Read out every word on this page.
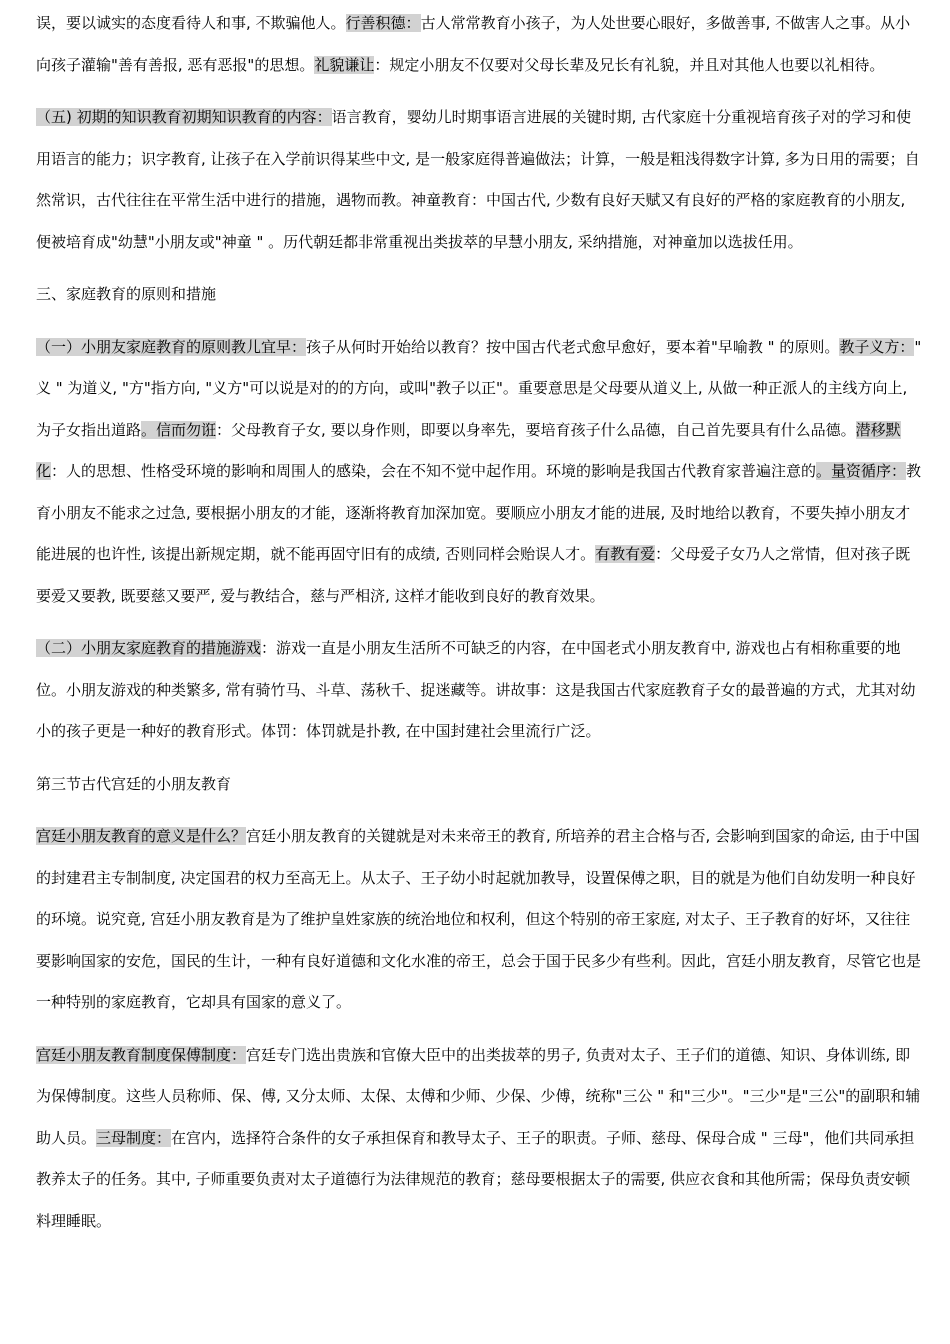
误，要以诚实的态度看待人和事, 不欺骗他人。行善积德：古人常常教育小孩子，为人处世要心眼好，多做善事, 不做害人之事。从小向孩子灌输"善有善报, 恶有恶报"的思想。礼貌谦让：规定小朋友不仅要对父母长辈及兄长有礼貌，并且对其他人也要以礼相待。

（五) 初期的知识教育初期知识教育的内容：语言教育，婴幼儿时期事语言进展的关键时期, 古代家庭十分重视培育孩子对的学习和使用语言的能力；识字教育, 让孩子在入学前识得某些中文, 是一般家庭得普遍做法；计算，一般是粗浅得数字计算, 多为日用的需要；自然常识，古代往往在平常生活中进行的措施，遇物而教。神童教育：中国古代, 少数有良好天赋又有良好的严格的家庭教育的小朋友, 便被培育成"幼慧"小朋友或"神童 " 。历代朝廷都非常重视出类拔萃的早慧小朋友, 采纳措施，对神童加以选拔任用。

三、家庭教育的原则和措施

（一）小朋友家庭教育的原则教儿宜早：孩子从何时开始给以教育？按中国古代老式愈早愈好，要本着"早喻教 " 的原则。教子义方：" 义 " 为道义, "方"指方向, "义方"可以说是对的的方向，或叫"教子以正"。重要意思是父母要从道义上, 从做一种正派人的主线方向上, 为子女指出道路。信而勿诳：父母教育子女, 要以身作则，即要以身率先，要培育孩子什么品德，自己首先要具有什么品德。潜移默化：人的思想、性格受环境的影响和周围人的感染，会在不知不觉中起作用。环境的影响是我国古代教育家普遍注意的。量资循序：教育小朋友不能求之过急, 要根据小朋友的才能，逐渐将教育加深加宽。要顺应小朋友才能的进展, 及时地给以教育，不要失掉小朋友才能进展的也许性, 该提出新规定期，就不能再固守旧有的成绩, 否则同样会贻误人才。有教有爱：父母爱子女乃人之常情，但对孩子既要爱又要教, 既要慈又要严, 爱与教结合，慈与严相济, 这样才能收到良好的教育效果。

（二）小朋友家庭教育的措施游戏：游戏一直是小朋友生活所不可缺乏的内容，在中国老式小朋友教育中, 游戏也占有相称重要的地位。小朋友游戏的种类繁多, 常有骑竹马、斗草、荡秋千、捉迷藏等。讲故事：这是我国古代家庭教育子女的最普遍的方式，尤其对幼小的孩子更是一种好的教育形式。体罚：体罚就是扑教, 在中国封建社会里流行广泛。

第三节古代宫廷的小朋友教育

宫廷小朋友教育的意义是什么？宫廷小朋友教育的关键就是对未来帝王的教育, 所培养的君主合格与否, 会影响到国家的命运, 由于中国的封建君主专制制度, 决定国君的权力至高无上。从太子、王子幼小时起就加教导，设置保傅之职，目的就是为他们自幼发明一种良好的环境。说究竟, 宫廷小朋友教育是为了维护皇姓家族的统治地位和权利，但这个特别的帝王家庭, 对太子、王子教育的好坏，又往往要影响国家的安危，国民的生计，一种有良好道德和文化水准的帝王，总会于国于民多少有些利。因此，宫廷小朋友教育，尽管它也是一种特别的家庭教育，它却具有国家的意义了。

宫廷小朋友教育制度保傅制度：宫廷专门选出贵族和官僚大臣中的出类拔萃的男子, 负责对太子、王子们的道德、知识、身体训练, 即为保傅制度。这些人员称师、保、傅, 又分太师、太保、太傅和少师、少保、少傅，统称"三公 " 和"三少"。"三少"是"三公"的副职和辅助人员。三母制度：在宫内，选择符合条件的女子承担保育和教导太子、王子的职责。子师、慈母、保母合成 " 三母"，他们共同承担教养太子的任务。其中, 子师重要负责对太子道德行为法律规范的教育；慈母要根据太子的需要, 供应衣食和其他所需；保母负责安顿料理睡眠。
